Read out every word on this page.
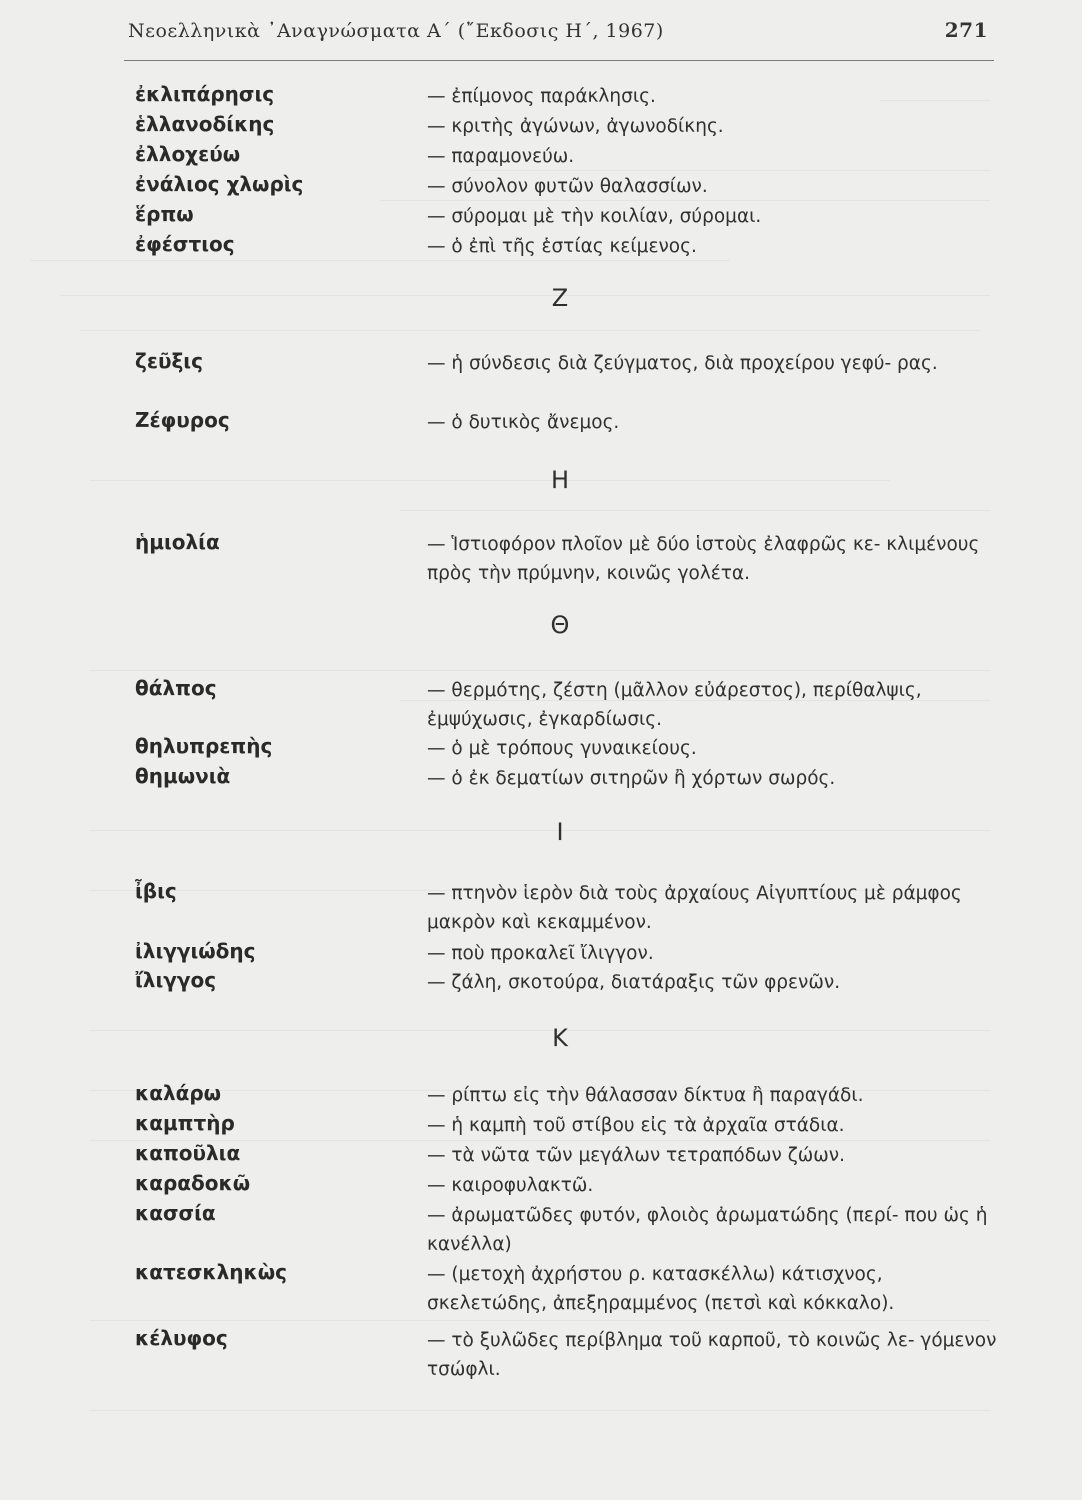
Νεοελληνικὰ ᾿Αναγνώσματα Α΄ (῎Εκδοσις Η΄, 1967)	271
ἐκλιπάρησις	— ἐπίμονος παράκλησις.
ἑλλανοδίκης	— κριτὴς ἀγώνων, ἀγωνοδίκης.
ἐλλοχεύω	— παραμονεύω.
ἐνάλιος χλωρὶς	— σύνολον φυτῶν θαλασσίων.
ἕρπω	— σύρομαι μὲ τὴν κοιλίαν, σύρομαι.
ἐφέστιος	— ὁ ἐπὶ τῆς ἑστίας κείμενος.
Ζ
ζεῦξις	— ἡ σύνδεσις διὰ ζεύγματος, διὰ προχείρου γεφύ- ρας.
Ζέφυρος	— ὁ δυτικὸς ἄνεμος.
Η
ἡμιολία	— Ἱστιοφόρον πλοῖον μὲ δύο ἱστοὺς ἐλαφρῶς κε- κλιμένους πρὸς τὴν πρύμνην, κοινῶς γολέτα.
Θ
θάλπος	— θερμότης, ζέστη (μᾶλλον εὐάρεστος), περίθαλψις, ἐμψύχωσις, ἐγκαρδίωσις.
θηλυπρεπὴς	— ὁ μὲ τρόπους γυναικείους.
θημωνιὰ	— ὁ ἐκ δεματίων σιτηρῶν ἢ χόρτων σωρός.
Ι
ἶβις	— πτηνὸν ἱερὸν διὰ τοὺς ἀρχαίους Αἰγυπτίους μὲ ράμφος μακρὸν καὶ κεκαμμένον.
ἰλιγγιώδης	— ποὺ προκαλεῖ ἴλιγγον.
ἴλιγγος	— ζάλη, σκοτούρα, διατάραξις τῶν φρενῶν.
Κ
καλάρω	— ρίπτω εἰς τὴν θάλασσαν δίκτυα ἢ παραγάδι.
καμπτὴρ	— ἡ καμπὴ τοῦ στίβου εἰς τὰ ἀρχαῖα στάδια.
καποῦλια	— τὰ νῶτα τῶν μεγάλων τετραπόδων ζώων.
καραδοκῶ	— καιροφυλακτῶ.
κασσία	— ἀρωματῶδες φυτόν, φλοιὸς ἀρωματώδης (περί- που ὡς ἡ κανέλλα)
κατεσκληκὼς	— (μετοχὴ ἀχρήστου ρ. κατασκέλλω) κάτισχνος, σκελετώδης, ἀπεξηραμμένος (πετσὶ καὶ κόκκαλο).
κέλυφος	— τὸ ξυλῶδες περίβλημα τοῦ καρποῦ, τὸ κοινῶς λε- γόμενον τσώφλι.
